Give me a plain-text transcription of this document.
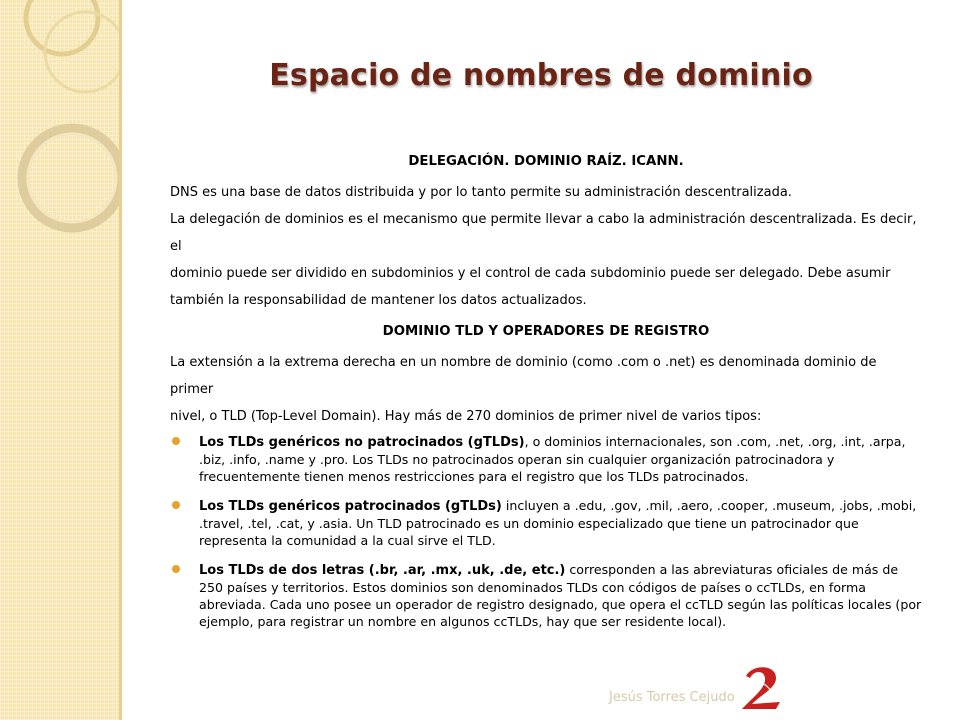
Espacio de nombres de dominio
DELEGACIÓN. DOMINIO RAÍZ. ICANN.
DNS es una base de datos distribuida y por lo tanto permite su administración descentralizada.
La delegación de dominios es el mecanismo que permite llevar a cabo la administración descentralizada. Es decir, el
dominio puede ser dividido en subdominios y el control de cada subdominio puede ser delegado. Debe asumir
también la responsabilidad de mantener los datos actualizados.
DOMINIO TLD Y OPERADORES DE REGISTRO
La extensión a la extrema derecha en un nombre de dominio (como .com o .net) es denominada dominio de primer
nivel, o TLD (Top-Level Domain). Hay más de 270 dominios de primer nivel de varios tipos:
Los TLDs genéricos no patrocinados (gTLDs), o dominios internacionales, son .com, .net, .org, .int, .arpa, .biz, .info, .name y .pro. Los TLDs no patrocinados operan sin cualquier organización patrocinadora y frecuentemente tienen menos restricciones para el registro que los TLDs patrocinados.
Los TLDs genéricos patrocinados (gTLDs) incluyen a .edu, .gov, .mil, .aero, .cooper, .museum, .jobs, .mobi, .travel, .tel, .cat, y .asia. Un TLD patrocinado es un dominio especializado que tiene un patrocinador que representa la comunidad a la cual sirve el TLD.
Los TLDs de dos letras (.br, .ar, .mx, .uk, .de, etc.) corresponden a las abreviaturas oficiales de más de 250 países y territorios. Estos dominios son denominados TLDs con códigos de países o ccTLDs, en forma abreviada. Cada uno posee un operador de registro designado, que opera el ccTLD según las políticas locales (por ejemplo, para registrar un nombre en algunos ccTLDs, hay que ser residente local).
Jesús Torres Cejudo
